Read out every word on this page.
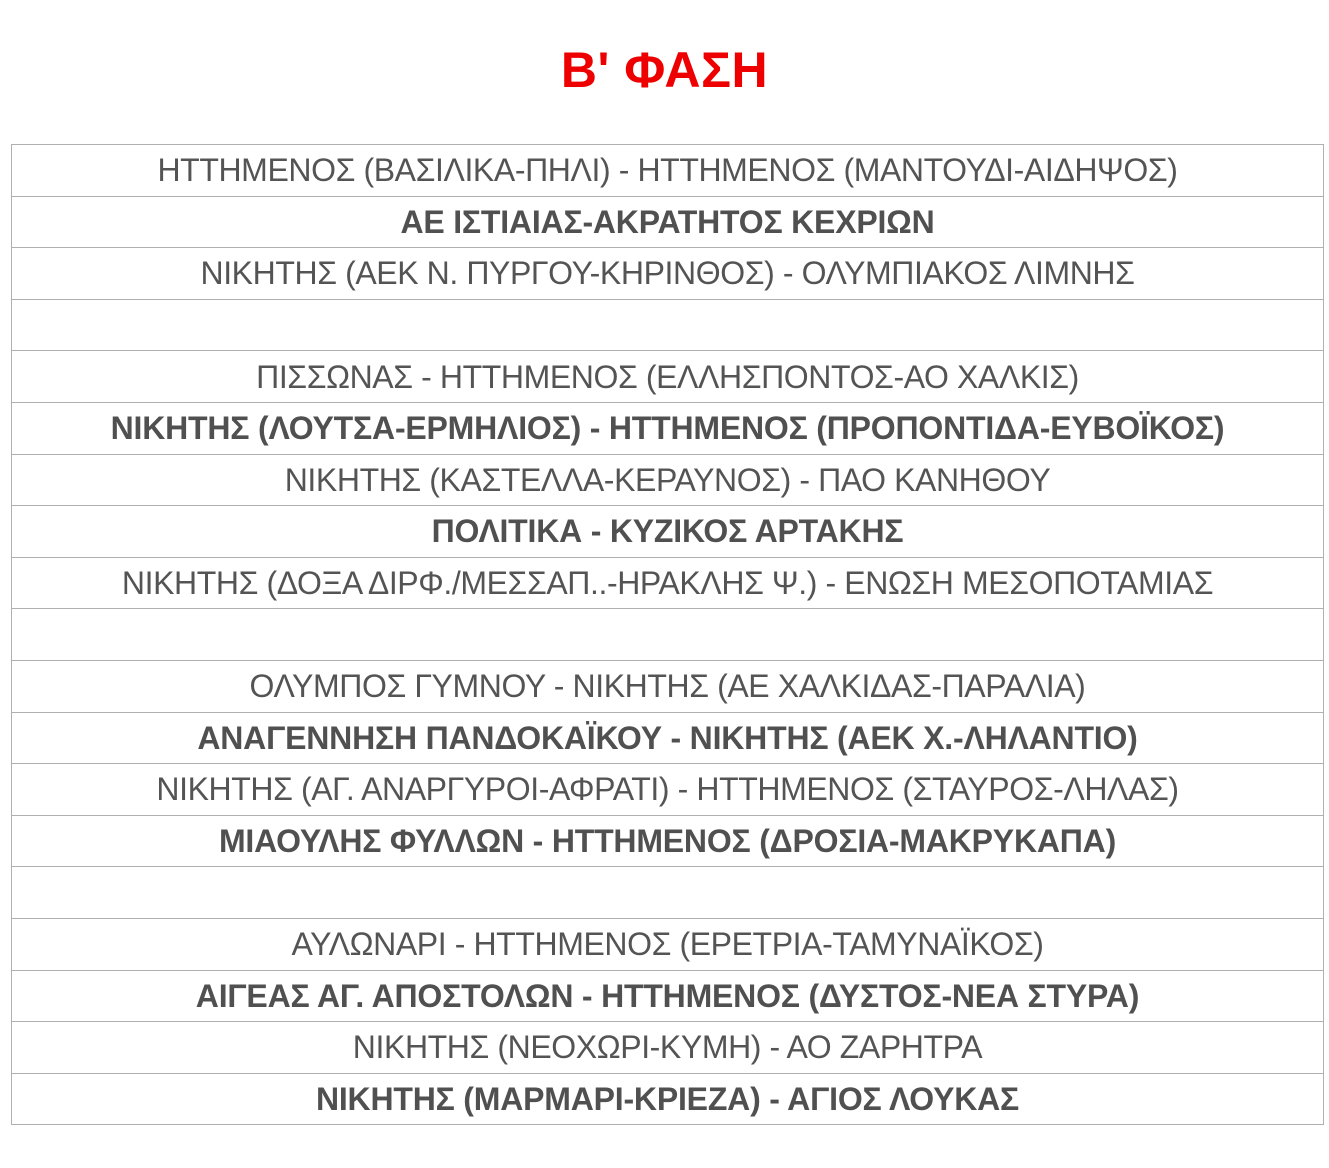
Β' ΦΑΣΗ
ΗΤΤΗΜΕΝΟΣ (ΒΑΣΙΛΙΚΑ-ΠΗΛΙ) - ΗΤΤΗΜΕΝΟΣ (ΜΑΝΤΟΥΔΙ-ΑΙΔΗΨΟΣ)
ΑΕ ΙΣΤΙΑΙΑΣ-ΑΚΡΑΤΗΤΟΣ ΚΕΧΡΙΩΝ
ΝΙΚΗΤΗΣ (ΑΕΚ Ν. ΠΥΡΓΟΥ-ΚΗΡΙΝΘΟΣ) - ΟΛΥΜΠΙΑΚΟΣ ΛΙΜΝΗΣ

ΠΙΣΣΩΝΑΣ - ΗΤΤΗΜΕΝΟΣ (ΕΛΛΗΣΠΟΝΤΟΣ-ΑΟ ΧΑΛΚΙΣ)
ΝΙΚΗΤΗΣ (ΛΟΥΤΣΑ-ΕΡΜΗΛΙΟΣ) - ΗΤΤΗΜΕΝΟΣ (ΠΡΟΠΟΝΤΙΔΑ-ΕΥΒΟΪΚΟΣ)
ΝΙΚΗΤΗΣ (ΚΑΣΤΕΛΛΑ-ΚΕΡΑΥΝΟΣ) - ΠΑΟ ΚΑΝΗΘΟΥ
ΠΟΛΙΤΙΚΑ - ΚΥΖΙΚΟΣ ΑΡΤΑΚΗΣ
ΝΙΚΗΤΗΣ (ΔΟΞΑ ΔΙΡΦ./ΜΕΣΣΑΠ..-ΗΡΑΚΛΗΣ Ψ.) - ΕΝΩΣΗ ΜΕΣΟΠΟΤΑΜΙΑΣ

ΟΛΥΜΠΟΣ ΓΥΜΝΟΥ - ΝΙΚΗΤΗΣ (ΑΕ ΧΑΛΚΙΔΑΣ-ΠΑΡΑΛΙΑ)
ΑΝΑΓΕΝΝΗΣΗ ΠΑΝΔΟΚΑΪΚΟΥ - ΝΙΚΗΤΗΣ (ΑΕΚ Χ.-ΛΗΛΑΝΤΙΟ)
ΝΙΚΗΤΗΣ (ΑΓ. ΑΝΑΡΓΥΡΟΙ-ΑΦΡΑΤΙ) - ΗΤΤΗΜΕΝΟΣ (ΣΤΑΥΡΟΣ-ΛΗΛΑΣ)
ΜΙΑΟΥΛΗΣ ΦΥΛΛΩΝ - ΗΤΤΗΜΕΝΟΣ (ΔΡΟΣΙΑ-ΜΑΚΡΥΚΑΠΑ)

ΑΥΛΩΝΑΡΙ - ΗΤΤΗΜΕΝΟΣ (ΕΡΕΤΡΙΑ-ΤΑΜΥΝΑΪΚΟΣ)
ΑΙΓΕΑΣ ΑΓ. ΑΠΟΣΤΟΛΩΝ - ΗΤΤΗΜΕΝΟΣ (ΔΥΣΤΟΣ-ΝΕΑ ΣΤΥΡΑ)
ΝΙΚΗΤΗΣ (ΝΕΟΧΩΡΙ-ΚΥΜΗ) - ΑΟ ΖΑΡΗΤΡΑ
ΝΙΚΗΤΗΣ (ΜΑΡΜΑΡΙ-ΚΡΙΕΖΑ) - ΑΓΙΟΣ ΛΟΥΚΑΣ
